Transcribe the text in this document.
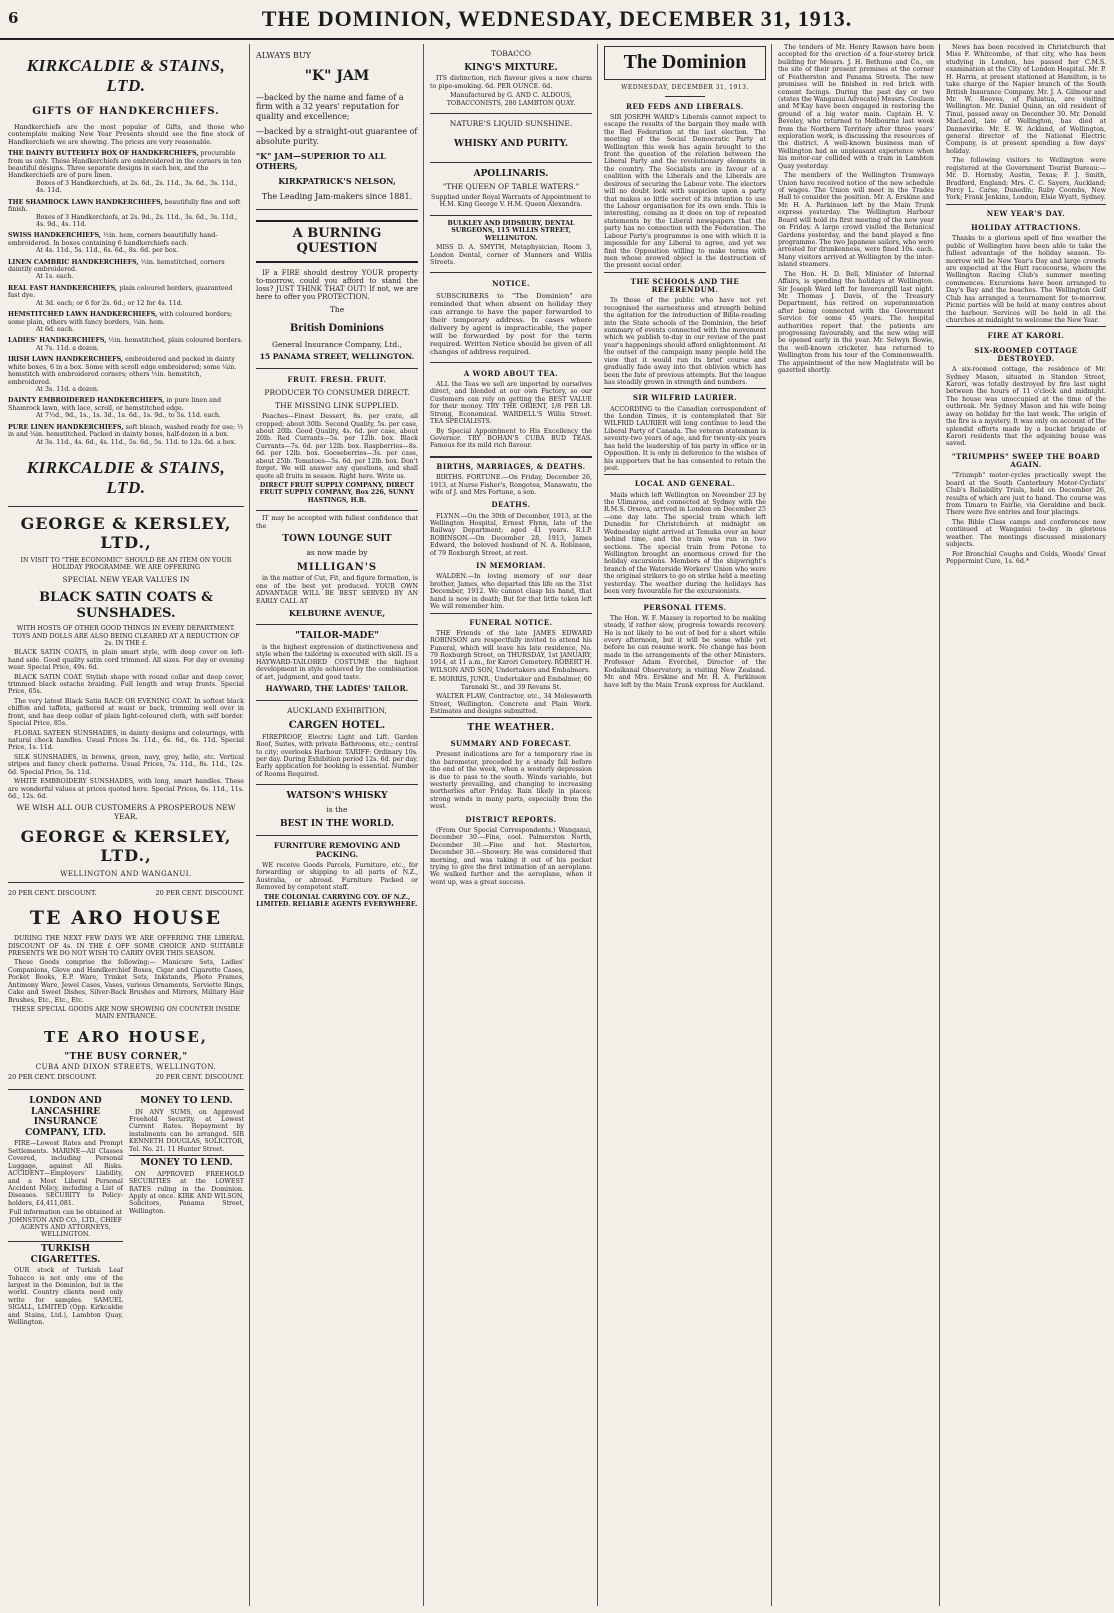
6	THE DOMINION, WEDNESDAY, DECEMBER 31, 1913.
KIRKCALDIE & STAINS, LTD.
GIFTS OF HANDKERCHIEFS.

Handkerchiefs are the most popular of Gifts, and those who contemplate making New Year Presents should see the fine stock of Handkerchiefs we are showing. The prices are very reasonable.

THE DAINTY BUTTERFLY BOX OF HANDKERCHIEFS, procurable from us only. These Handkerchiefs are embroidered in the corners in ten beautiful designs. Three separate designs in each box, and the Handkerchiefs are of pure linen.
Boxes of 3 Handkerchiefs, at 2s. 6d., 2s. 11d., 3s. 6d., 3s. 11d., 4s. 11d.
THE SHAMROCK LAWN HANDKERCHIEFS, beautifully fine and soft finish.
Boxes of 3 Handkerchiefs, at 2s. 9d., 2s. 11d., 3s. 6d., 3s. 11d., 4s. 9d., 4s. 11d.
SWISS HANDKERCHIEFS, ½in. hem, corners beautifully hand-embroidered. In boxes containing 6 handkerchiefs each.
At 4s. 11d., 5s. 11d., 6s. 6d., 8s. 6d. per box.
LINEN CAMBRIC HANDKERCHIEFS, ½in. hemstitched, corners daintily embroidered.
At 1s. each.
REAL FAST HANDKERCHIEFS, plain coloured borders, guaranteed fast dye.
At 3d. each; or 6 for 2s. 6d.; or 12 for 4s. 11d.
HEMSTITCHED LAWN HANDKERCHIEFS, with coloured borders; some plain, others with fancy borders, ¼in. hem.
At 6d. each.
LADIES' HANDKERCHIEFS, ½in. hemstitched, plain coloured borders.
At 7s. 11d. a dozen.
IRISH LAWN HANDKERCHIEFS, embroidered and packed in dainty white boxes, 6 in a box. Some with scroll edge embroidered; some ¼in. hemstitch with embroidered corners; others ½in. hemstitch, embroidered.
At 3s. 11d. a dozen.
DAINTY EMBROIDERED HANDKERCHIEFS, in pure linen and Shamrock lawn, with lace, scroll, or hemstitched edge.
At 7½d., 9d., 1s., 1s. 3d., 1s. 6d., 1s. 9d., to 5s. 11d. each.
PURE LINEN HANDKERCHIEFS, soft bleach, washed ready for use; ½ in and ¼in. hemstitched. Packed in dainty boxes, half-dozen in a box.
At 3s. 11d., 4s. 6d., 4s. 11d., 5s. 6d., 5s. 11d. to 12s. 6d. a box.
KIRKCALDIE & STAINS, LTD.
GEORGE & KERSLEY, LTD.,

IN VISIT TO "THE ECONOMIC" SHOULD BE AN ITEM ON YOUR HOLIDAY PROGRAMME. WE ARE OFFERING

SPECIAL NEW YEAR VALUES IN
BLACK SATIN COATS & SUNSHADES.

WITH HOSTS OF OTHER GOOD THINGS IN EVERY DEPARTMENT. TOYS AND DOLLS ARE ALSO BEING CLEARED AT A REDUCTION OF 2s. IN THE £.

BLACK SATIN COATS, in plain smart style, with deep cover on left-hand side. Good quality satin cord trimmed. All sizes. For day or evening wear. Special Price, 49s. 6d.

BLACK SATIN COAT. Stylish shape with round collar and deep cover, trimmed black ostache braiding. Full length and wrap fronts. Special Price, 65s.

The very latest Black Satin RACE OR EVENING COAT. In softest black chiffon and taffeta, gathered at waist or back, trimming well over in front, and has deep collar of plain light-coloured cloth, with self border. Special Price, 85s.

FLORAL SATEEN SUNSHADES, in dainty designs and colourings, with natural check handles. Usual Prices 5s. 11d., 6s. 6d., 6s. 11d. Special Price, 1s. 11d.

SILK SUNSHADES, in browns, green, navy, grey, helio, etc. Vertical stripes and fancy check patterns. Usual Prices, 7s. 11d., 8s. 11d., 12s. 6d. Special Price, 5s. 11d.

WHITE EMBROIDERY SUNSHADES, with long, smart handles. These are wonderful values at prices quoted here. Special Prices, 6s. 11d., 11s. 6d., 12s. 6d.

WE WISH ALL OUR CUSTOMERS A PROSPEROUS NEW YEAR.
GEORGE & KERSLEY, LTD.,
WELLINGTON AND WANGANUI.
20 PER CENT. DISCOUNT.	20 PER CENT. DISCOUNT.
TE ARO HOUSE

DURING THE NEXT FEW DAYS WE ARE OFFERING THE LIBERAL DISCOUNT OF 4s. IN THE £ OFF SOME CHOICE AND SUITABLE PRESENTS WE DO NOT WISH TO CARRY OVER THIS SEASON.

These Goods comprise the following:— Manicure Sets, Ladies' Companions, Glove and Handkerchief Boxes, Cigar and Cigarette Cases, Pocket Books, E.P. Ware, Trinket Sets, Inkstands, Photo Frames, Antimony Ware, Jewel Cases, Vases, various Ornaments, Serviette Rings, Cake and Sweet Dishes, Silver-Back Brushes and Mirrors, Military Hair Brushes, Etc., Etc., Etc.

THESE SPECIAL GOODS ARE NOW SHOWING ON COUNTER INSIDE MAIN ENTRANCE.

TE ARO HOUSE,
"THE BUSY CORNER,"
CUBA AND DIXON STREETS, WELLINGTON.
20 PER CENT. DISCOUNT.	20 PER CENT. DISCOUNT.
LONDON AND LANCASHIRE INSURANCE COMPANY, LTD.

FIRE—Lowest Rates and Prompt Settlements. MARINE—All Classes Covered, including Personal Luggage, against All Risks. ACCIDENT—Employers' Liability, and a Most Liberal Personal Accident Policy, including a List of Diseases. SECURITY to Policy-holders, £4,411,081.

Full information can be obtained at JOHNSTON AND CO., LTD., CHIEF AGENTS AND ATTORNEYS, WELLINGTON.

TURKISH CIGARETTES.

OUR stock of Turkish Leaf Tobacco is not only one of the largest in the Dominion, but in the world. Country clients need only write for samples. SAMUEL SIGALL, LIMITED (Opp. Kirkcaldie and Stains, Ltd.), Lambton Quay, Wellington.

MONEY TO LEND.

IN ANY SUMS, on Approved Freehold Security, at Lowest Current Rates. Repayment by instalments can be arranged. SIR KENNETH DOUGLAS, SOLICITOR, Tel. No. 21. 11 Hunter Street.

MONEY TO LEND.

ON APPROVED FREEHOLD SECURITIES at the LOWEST RATES ruling in the Dominion. Apply at once. KIRK AND WILSON, Solicitors, Panama Street, Wellington.

ALWAYS BUY
"K" JAM
—backed by the name and fame of a firm with a 32 years' reputation for quality and excellence;
—backed by a straight-out guarantee of absolute purity.
"K" JAM—SUPERIOR TO ALL OTHERS,
KIRKPATRICK'S NELSON,
The Leading Jam-makers since 1881.
A BURNING QUESTION

IF a FIRE should destroy YOUR property to-morrow, could you afford to stand the loss? JUST THINK THAT OUT! If not, we are here to offer you PROTECTION.

The
British Dominions
General Insurance Company, Ltd.,
15 PANAMA STREET, WELLINGTON.
FRUIT. FRESH. FRUIT.
PRODUCER TO CONSUMER DIRECT.
THE MISSING LINK SUPPLIED.

Peaches—Finest Dessert, 8s. per crate, all cropped; about 30lb. Second Quality, 5s. per case, about 20lb. Good Quality, 4s. 6d. per case, about 20lb. Red Currants—5s. per 12lb. box. Black Currants—7s. 6d. per 12lb. box. Raspberries—8s. 6d. per 12lb. box. Gooseberries—3s. per case, about 25lb. Tomatoes—5s. 6d. per 12lb. box. Don't forget. We will answer any questions, and shall quote all fruits in season. Right here. Write us.

DIRECT FRUIT SUPPLY COMPANY, DIRECT FRUIT SUPPLY COMPANY, Box 226, SUNNY HASTINGS, H.B.

IT may be accepted with fullest confidence that the

TOWN LOUNGE SUIT
as now made by
MILLIGAN'S

in the matter of Cut, Fit, and figure formation, is one of the best yet produced. YOUR OWN ADVANTAGE WILL BE BEST SERVED BY AN EARLY CALL AT

KELBURNE AVENUE,
"TAILOR-MADE"

is the highest expression of distinctiveness and style when the tailoring is executed with skill. IS a HAYWARD-TAILORED COSTUME the highest development in style achieved by the combination of art, judgment, and good taste.

HAYWARD, THE LADIES' TAILOR.
AUCKLAND EXHIBITION,
CARGEN HOTEL.

FIREPROOF, Electric Light and Lift. Garden Roof, Suites, with private Bathrooms, etc.; central to city; overlooks Harbour. TARIFF: Ordinary 10s. per day. During Exhibition period 12s. 6d. per day. Early application for booking is essential. Number of Rooms Required.

WATSON'S WHISKY
is the
BEST IN THE WORLD.
FURNITURE REMOVING AND PACKING.

WE receive Goods Parcels, Furniture, etc., for forwarding or shipping to all parts of N.Z., Australia, or abroad. Furniture Packed or Removed by competent staff.

THE COLONIAL CARRYING COY. OF N.Z., LIMITED. RELIABLE AGENTS EVERYWHERE.

TOBACCO
KING'S MIXTURE.

ITS distinction, rich flavour gives a new charm to pipe-smoking. 6d. PER OUNCE. 6d.

Manufactured by G. AND C. ALDOUS, TOBACCONISTS, 280 LAMBTON QUAY.

NATURE'S LIQUID SUNSHINE.
WHISKY AND PURITY.
APOLLINARIS.
"THE QUEEN OF TABLE WATERS."

Supplied under Royal Warrants of Appointment to H.M. King George V. H.M. Queen Alexandra.

BULKLEY AND DIDSBURY, DENTAL SURGEONS, 115 WILLIS STREET, WELLINGTON.

MISS D. A. SMYTH, Metaphysician, Room 3, London Dental, corner of Manners and Willis Streets.

NOTICE.

SUBSCRIBERS to "The Dominion" are reminded that when absent on holiday they can arrange to have the paper forwarded to their temporary address. In cases where delivery by agent is impracticable, the paper will be forwarded by post for the term required. Written Notice should be given of all changes of address required.

A WORD ABOUT TEA.

ALL the Teas we sell are imported by ourselves direct, and blended at our own Factory, so our Customers can rely on getting the BEST VALUE for their money. TRY THE ORIENT, 1/8 PER LB. Strong, Economical. WARDELL'S Willis Street. TEA SPECIALISTS.

By Special Appointment to His Excellency the Governor. TRY BOHAN'S CUBA BUD TEAS. Famous for its mild rich flavour.

BIRTHS, MARRIAGES, & DEATHS.

BIRTHS. FORTUNE.—On Friday, December 26, 1913, at Nurse Fisher's, Rongotea, Manawatu, the wife of J. and Mrs Fortune, a son.

DEATHS.

FLYNN.—On the 30th of December, 1913, at the Wellington Hospital, Ernest Flynn, late of the Railway Department; aged 41 years. R.I.P. ROBINSON.—On December 28, 1913, James Edward, the beloved husband of N. A. Robinson, of 79 Roxburgh Street, at rest.

IN MEMORIAM.

WALDEN.—In loving memory of our dear brother, James, who departed this life on the 31st December, 1912. We cannot clasp his hand, that hand is now in death; But for that little token left We will remember him.

FUNERAL NOTICE.

THE Friends of the late JAMES EDWARD ROBINSON are respectfully invited to attend his Funeral, which will leave his late residence, No. 79 Roxburgh Street, on THURSDAY, 1st JANUARY, 1914, at 11 a.m., for Karori Cemetery. ROBERT H. WILSON AND SON, Undertakers and Embalmers.

E. MORRIS, JUNR., Undertaker and Embalmer, 60 Taranaki St., and 39 Revans St.

WALTER FLAW, Contractor, etc., 34 Molesworth Street, Wellington. Concrete and Plain Work. Estimates and designs submitted.

THE WEATHER.
SUMMARY AND FORECAST.

Present indications are for a temporary rise in the barometer, preceded by a steady fall before the end of the week, when a westerly depression is due to pass to the south. Winds variable, but westerly prevailing, and changing to increasing northerlies after Friday. Rain likely in places; strong winds in many parts, especially from the west.

DISTRICT REPORTS.

(From Our Special Correspondents.) Wanganui, December 30.—Fine, cool. Palmerston North, December 30.—Fine and hot. Masterton, December 30.—Showery. He was considered that morning, and was taking it out of his pocket trying to give the first intimation of an aeroplane. We walked farther and the aeroplane, when it went up, was a great success.

The Dominion
WEDNESDAY, DECEMBER 31, 1913.
RED FEDS AND LIBERALS.

SIR JOSEPH WARD's Liberals cannot expect to escape the results of the bargain they made with the Red Federation at the last election. The meeting of the Social Democratic Party at Wellington this week has again brought to the front the question of the relation between the Liberal Party and the revolutionary elements in the country. The Socialists are in favour of a coalition with the Liberals and the Liberals are desirous of securing the Labour vote. The electors will no doubt look with suspicion upon a party that makes so little secret of its intention to use the Labour organisation for its own ends. This is interesting, coming as it does on top of repeated statements by the Liberal newspapers that the party has no connection with the Federation. The Labour Party's programme is one with which it is impossible for any Liberal to agree, and yet we find the Opposition willing to make terms with men whose avowed object is the destruction of the present social order.

THE SCHOOLS AND THE REFERENDUM.

To those of the public who have not yet recognised the earnestness and strength behind the agitation for the introduction of Bible-reading into the State schools of the Dominion, the brief summary of events connected with the movement which we publish to-day in our review of the past year's happenings should afford enlightenment. At the outset of the campaign many people held the view that it would run its brief course and gradually fade away into that oblivion which has been the fate of previous attempts. But the league has steadily grown in strength and numbers.

SIR WILFRID LAURIER.

ACCORDING to the Canadian correspondent of the London Times, it is contemplated that Sir WILFRID LAURIER will long continue to lead the Liberal Party of Canada. The veteran statesman is seventy-two years of age, and for twenty-six years has held the leadership of his party in office or in Opposition. It is only in deference to the wishes of his supporters that he has consented to retain the post.

LOCAL AND GENERAL.

Mails which left Wellington on November 23 by the Ulimaroa, and connected at Sydney with the R.M.S. Orsova, arrived in London on December 25—one day late. The special train which left Dunedin for Christchurch at midnight on Wednesday night arrived at Temuka over an hour behind time, and the train was run in two sections. The special train from Petone to Wellington brought an enormous crowd for the holiday excursions. Members of the shipwright's branch of the Waterside Workers' Union who were the original strikers to go on strike held a meeting yesterday. The weather during the holidays has been very favourable for the excursionists.

PERSONAL ITEMS.

The Hon. W. F. Massey is reported to be making steady, if rather slow, progress towards recovery. He is not likely to be out of bed for a short while every afternoon, but it will be some while yet before he can resume work. No change has been made in the arrangements of the other Ministers. Professor Adam Everchel, Director of the Kodaikanal Observatory, is visiting New Zealand. Mr. and Mrs. Erskine and Mr. H. A. Parkinson have left by the Main Trunk express for Auckland.

The tenders of Mr. Henry Rawson have been accepted for the erection of a four-storey brick building for Messrs. J. H. Bethune and Co., on the site of their present premises at the corner of Featherston and Panama Streets. The new premises will be finished in red brick with cement facings. During the past day or two (states the Wanganui Advocate) Messrs. Coulson and M'Kay have been engaged in restoring the ground of a big water main. Captain H. V. Beveley, who returned to Melbourne last week from the Northern Territory after three years' exploration work, is discussing the resources of the district. A well-known business man of Wellington had an unpleasant experience when his motor-car collided with a tram in Lambton Quay yesterday.

The members of the Wellington Tramways Union have received notice of the new schedule of wages. The Union will meet in the Trades Hall to consider the position. Mr. A. Erskine and Mr. H. A. Parkinson left by the Main Trunk express yesterday. The Wellington Harbour Board will hold its first meeting of the new year on Friday. A large crowd visited the Botanical Gardens yesterday, and the band played a fine programme. The two Japanese sailors, who were arrested for drunkenness, were fined 10s. each. Many visitors arrived at Wellington by the inter-island steamers.

The Hon. H. D. Bell, Minister of Internal Affairs, is spending the holidays at Wellington. Sir Joseph Ward left for Invercargill last night. Mr. Thomas J. Davis, of the Treasury Department, has retired on superannuation after being connected with the Government Service for some 45 years. The hospital authorities report that the patients are progressing favourably, and the new wing will be opened early in the year. Mr. Selwyn Bowie, the well-known cricketer, has returned to Wellington from his tour of the Commonwealth. The appointment of the new Magistrate will be gazetted shortly.

News has been received in Christchurch that Miss F. Whitcombe, of that city, who has been studying in London, has passed her C.M.S. examination at the City of London Hospital. Mr. P. H. Harris, at present stationed at Hamilton, is to take charge of the Napier branch of the South British Insurance Company. Mr. J. A. Gilmour and Mr. W. Reeves, of Pahiatua, are visiting Wellington. Mr. Daniel Quinn, an old resident of Tinui, passed away on December 30. Mr. Donald MacLeod, late of Wellington, has died at Dannevirke. Mr. E. W. Ackland, of Wellington, general director of the National Electric Company, is at present spending a few days' holiday.

The following visitors to Wellington were registered at the Government Tourist Bureau:—Mr. D. Hornsby, Austin, Texas; F. J. Smith, Bradford, England; Mrs. C. C. Sayers, Auckland; Percy L. Carse, Dunedin; Ruby Coombs, New York; Frank Jenkins, London; Elsie Wyatt, Sydney.

NEW YEAR'S DAY.
HOLIDAY ATTRACTIONS.

Thanks to a glorious spell of fine weather the public of Wellington have been able to take the fullest advantage of the holiday season. To-morrow will be New Year's Day and large crowds are expected at the Hutt racecourse, where the Wellington Racing Club's summer meeting commences. Excursions have been arranged to Day's Bay and the beaches. The Wellington Golf Club has arranged a tournament for to-morrow. Picnic parties will be held at many centres about the harbour. Services will be held in all the churches at midnight to welcome the New Year.

FIRE AT KARORI.
SIX-ROOMED COTTAGE DESTROYED.

A six-roomed cottage, the residence of Mr. Sydney Mason, situated in Standen Street, Karori, was totally destroyed by fire last night between the hours of 11 o'clock and midnight. The house was unoccupied at the time of the outbreak. Mr. Sydney Mason and his wife being away on holiday for the last week. The origin of the fire is a mystery. It was only on account of the splendid efforts made by a bucket brigade of Karori residents that the adjoining house was saved.

"TRIUMPHS" SWEEP THE BOARD AGAIN.

"Triumph" motor-cycles practically swept the board at the South Canterbury Motor-Cyclists' Club's Reliability Trials, held on December 26, results of which are just to hand. The course was from Timaru to Fairlie, via Geraldine and back. There were five entries and four placings.

The Bible Class camps and conferences now continued at Wanganui to-day in glorious weather. The meetings discussed missionary subjects.

For Bronchial Coughs and Colds, Woods' Great Peppermint Cure, 1s. 6d.*
